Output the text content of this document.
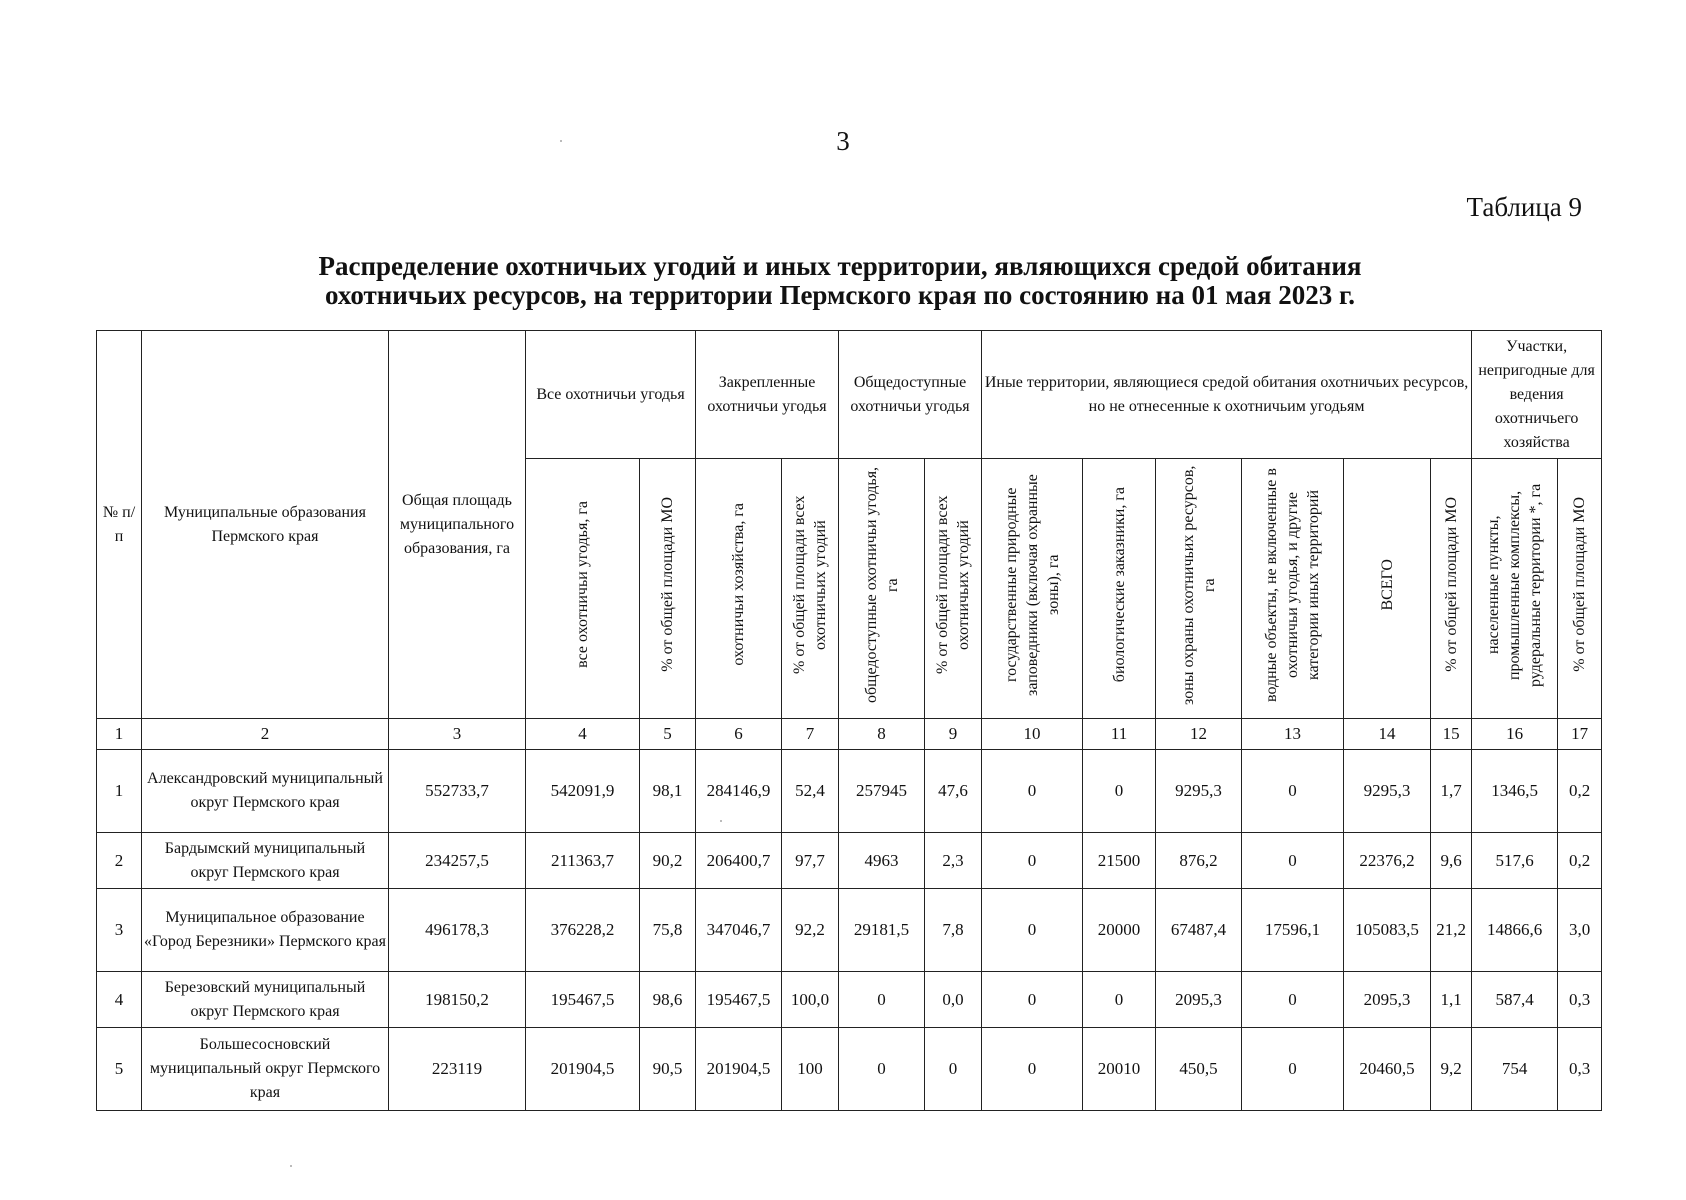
3
Таблица 9
Распределение охотничьих угодий и иных территории, являющихся средой обитания
охотничьих ресурсов, на территории Пермского края по состоянию на 01 мая 2023 г.
№ п/п	Муниципальные образования Пермского края	Общая площадь муниципального образования, га	Все охотничьи угодья		Закрепленные охотничьи угодья		Общедоступные охотничьи угодья		Иные территории, являющиеся средой обитания охотничьих ресурсов, но не отнесенные к охотничьим угодьям						Участки, непригодные для ведения охотничьего хозяйства	

			все охотничьи угодья, га	% от общей площади МО	охотничьи хозяйства, га	% от общей площади всех охотничьих угодий	общедоступные охотничьи угодья, га	% от общей площади всех охотничьих угодий	государственные природные заповедники (включая охранные зоны), га	биологические заказники, га	зоны охраны охотничьих ресурсов, га	водные объекты, не включенные в охотничьи угодья, и другие категории иных территорий	ВСЕГО	% от общей площади МО	населенные пункты, промышленные комплексы, рудеральные территории *, га	% от общей площади МО
1	2	3	4	5	6	7	8	9	10	11	12	13	14	15	16	17
1	Александровский муниципальный округ Пермского края	552733,7	542091,9	98,1	284146,9	52,4	257945	47,6	0	0	9295,3	0	9295,3	1,7	1346,5	0,2
2	Бардымский муниципальный округ Пермского края	234257,5	211363,7	90,2	206400,7	97,7	4963	2,3	0	21500	876,2	0	22376,2	9,6	517,6	0,2
3	Муниципальное образование «Город Березники» Пермского края	496178,3	376228,2	75,8	347046,7	92,2	29181,5	7,8	0	20000	67487,4	17596,1	105083,5	21,2	14866,6	3,0
4	Березовский муниципальный округ Пермского края	198150,2	195467,5	98,6	195467,5	100,0	0	0,0	0	0	2095,3	0	2095,3	1,1	587,4	0,3
5	Большесосновский муниципальный округ Пермского края	223119	201904,5	90,5	201904,5	100	0	0	0	20010	450,5	0	20460,5	9,2	754	0,3
